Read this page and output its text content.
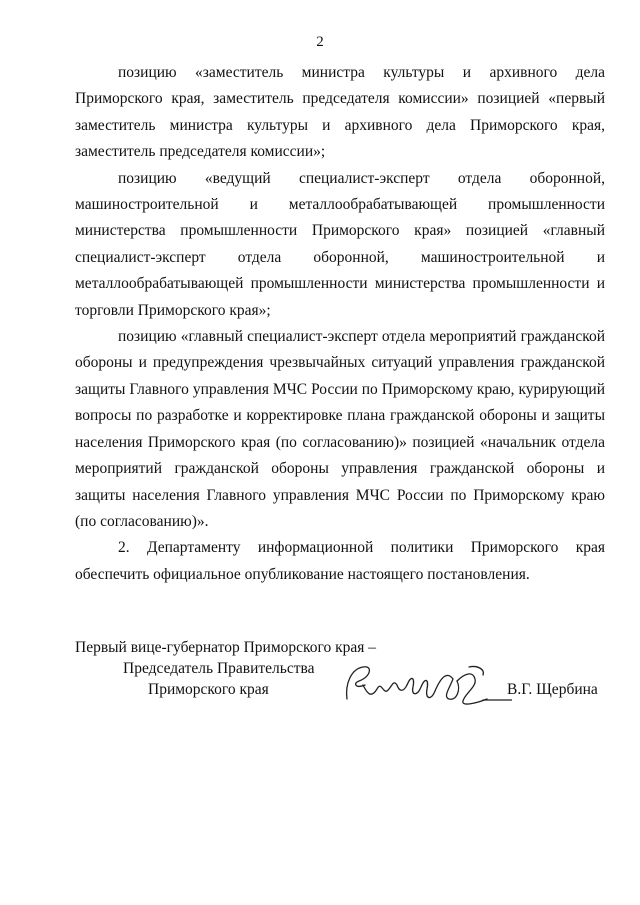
2

позицию «заместитель министра культуры и архивного дела Приморского края, заместитель председателя комиссии» позицией «первый заместитель министра культуры и архивного дела Приморского края, заместитель председателя комиссии»;

позицию «ведущий специалист-эксперт отдела оборонной, машиностроительной и металлообрабатывающей промышленности министерства промышленности Приморского края» позицией «главный специалист-эксперт отдела оборонной, машиностроительной и металлообрабатывающей промышленности министерства промышленности и торговли Приморского края»;

позицию «главный специалист-эксперт отдела мероприятий гражданской обороны и предупреждения чрезвычайных ситуаций управления гражданской защиты Главного управления МЧС России по Приморскому краю, курирующий вопросы по разработке и корректировке плана гражданской обороны и защиты населения Приморского края (по согласованию)» позицией «начальник отдела мероприятий гражданской обороны управления гражданской обороны и защиты населения Главного управления МЧС России по Приморскому краю (по согласованию)».

2. Департаменту информационной политики Приморского края обеспечить официальное опубликование настоящего постановления.

Первый вице-губернатор Приморского края –
Председатель Правительства
Приморского края	В.Г. Щербина
